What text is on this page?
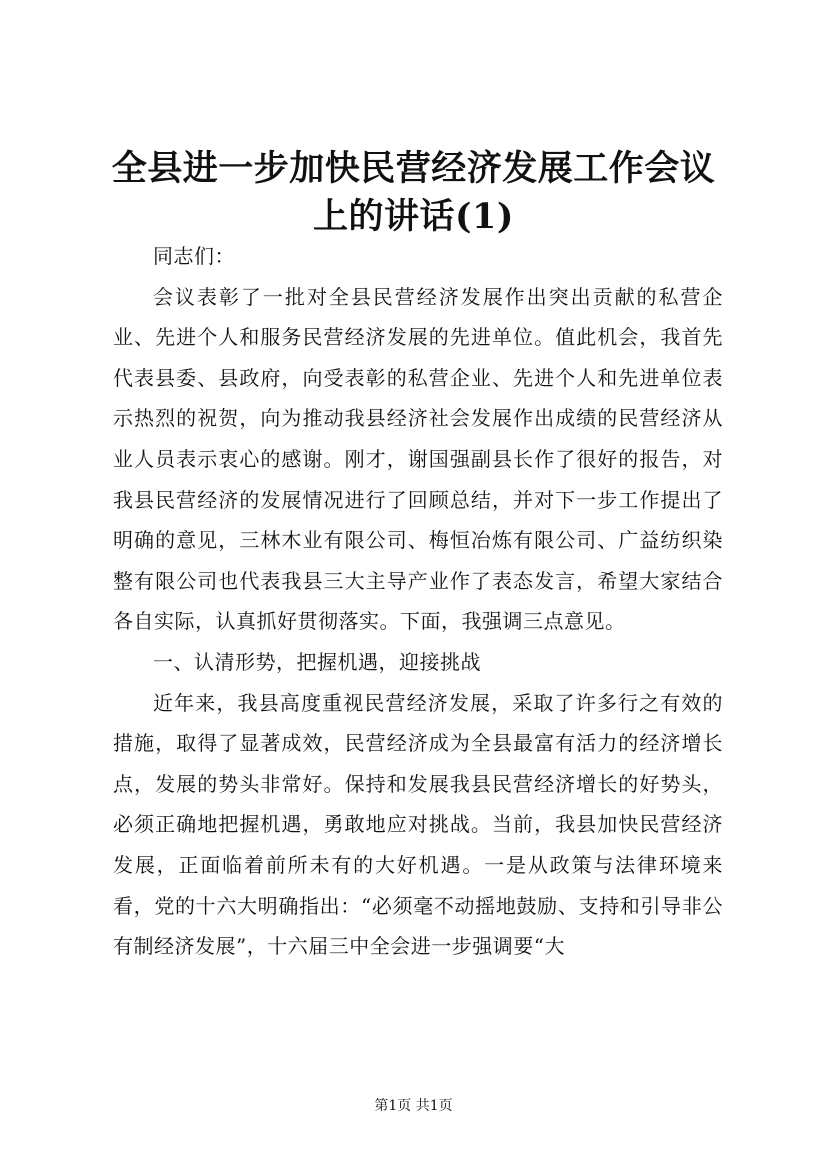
全县进一步加快民营经济发展工作会议上的讲话(1)

同志们：

会议表彰了一批对全县民营经济发展作出突出贡献的私营企业、先进个人和服务民营经济发展的先进单位。值此机会，我首先代表县委、县政府，向受表彰的私营企业、先进个人和先进单位表示热烈的祝贺，向为推动我县经济社会发展作出成绩的民营经济从业人员表示衷心的感谢。刚才，谢国强副县长作了很好的报告，对我县民营经济的发展情况进行了回顾总结，并对下一步工作提出了明确的意见，三林木业有限公司、梅恒冶炼有限公司、广益纺织染整有限公司也代表我县三大主导产业作了表态发言，希望大家结合各自实际，认真抓好贯彻落实。下面，我强调三点意见。

一、认清形势，把握机遇，迎接挑战

近年来，我县高度重视民营经济发展，采取了许多行之有效的措施，取得了显著成效，民营经济成为全县最富有活力的经济增长点，发展的势头非常好。保持和发展我县民营经济增长的好势头，必须正确地把握机遇，勇敢地应对挑战。当前，我县加快民营经济发展，正面临着前所未有的大好机遇。一是从政策与法律环境来看，党的十六大明确指出：“必须毫不动摇地鼓励、支持和引导非公有制经济发展”，十六届三中全会进一步强调要“大

第1页 共1页
